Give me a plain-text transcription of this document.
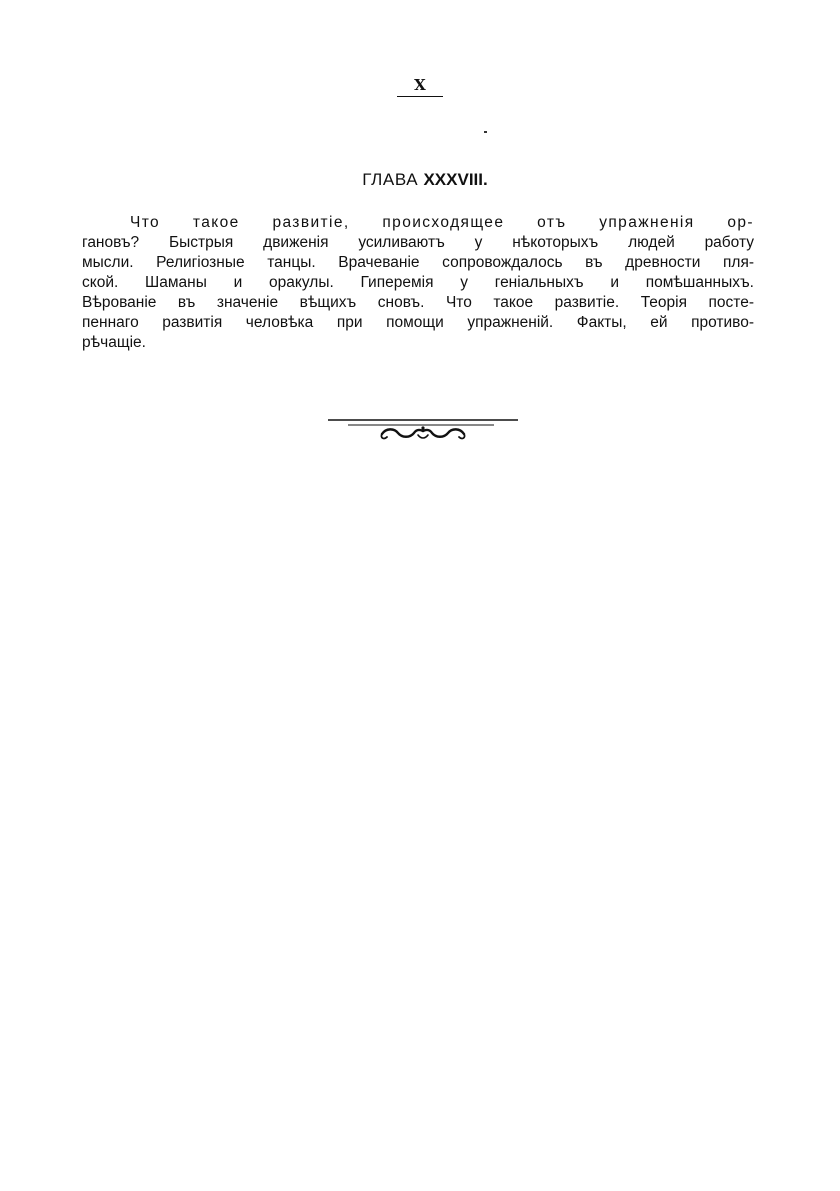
X
ГЛАВА XXXVIII.
Что такое развитіе, происходящее отъ упражненія ор-
гановъ? Быстрыя движенія усиливаютъ у нѣкоторыхъ людей работу
мысли. Религіозные танцы. Врачеваніе сопровождалось въ древности пля-
ской. Шаманы и оракулы. Гиперемія у геніальныхъ и помѣшанныхъ.
Вѣрованіе въ значеніе вѣщихъ сновъ. Что такое развитіе. Теорія посте-
пеннаго развитія человѣка при помощи упражненій. Факты, ей противо-
рѣчащіе.
